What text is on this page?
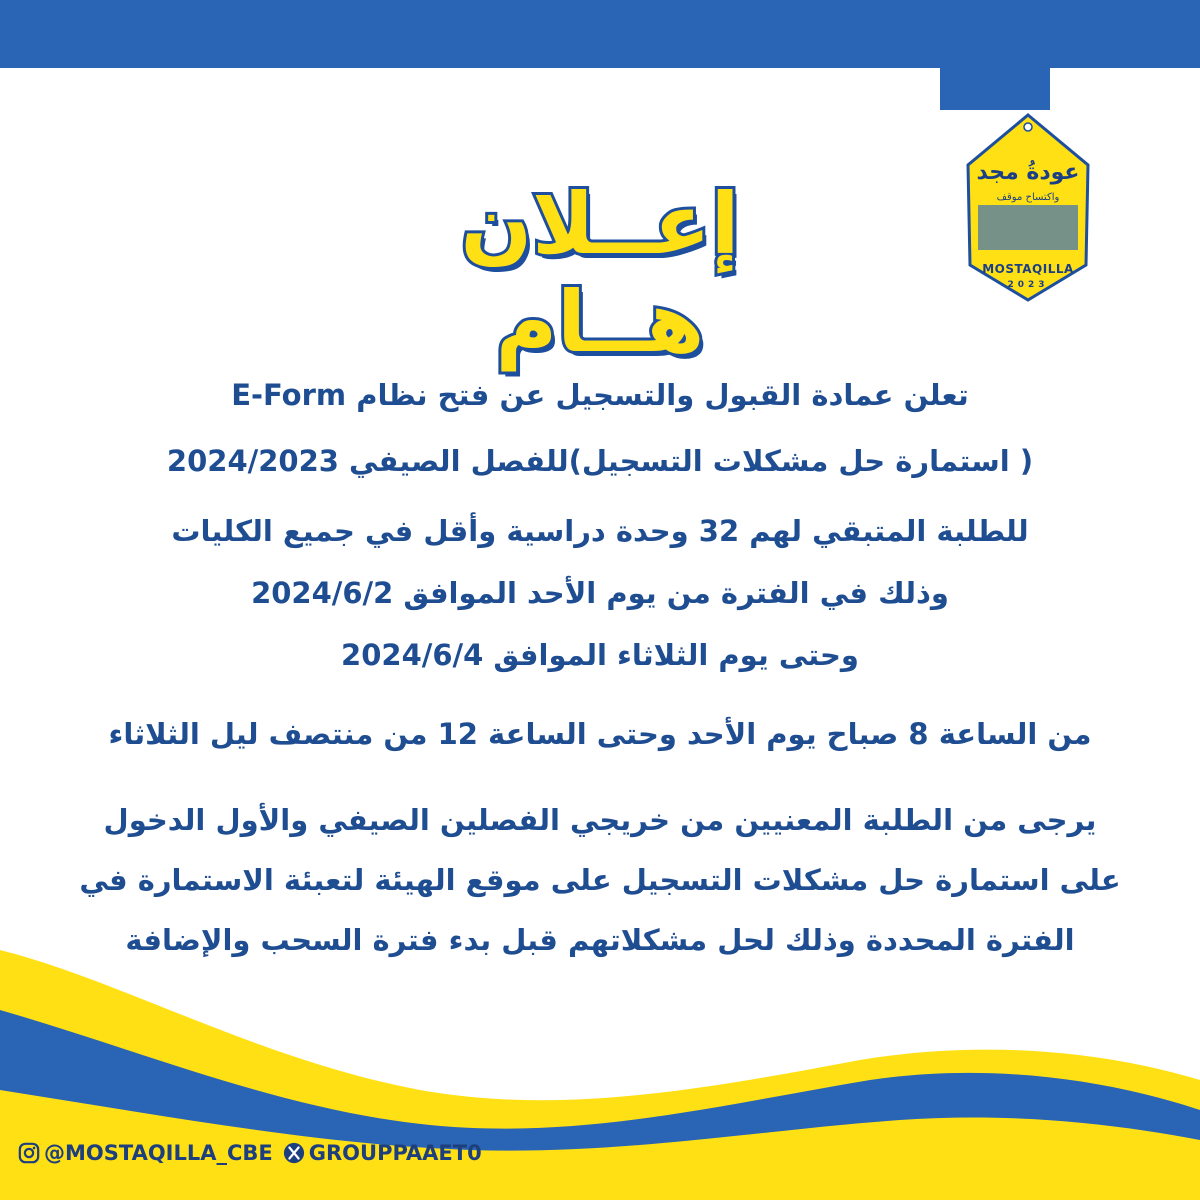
عودةُ مجد
واكتساح موقف
MOSTAQILLA
2023
إعــلان هــام

تعلن عمادة القبول والتسجيل عن فتح نظام E-Form

( استمارة حل مشكلات التسجيل)للفصل الصيفي 2024/2023

للطلبة المتبقي لهم 32 وحدة دراسية وأقل في جميع الكليات

وذلك في الفترة من يوم الأحد الموافق 2024/6/2

وحتى يوم الثلاثاء الموافق 2024/6/4

من الساعة 8 صباح يوم الأحد وحتى الساعة 12 من منتصف ليل الثلاثاء

يرجى من الطلبة المعنيين من خريجي الفصلين الصيفي والأول الدخول

على استمارة حل مشكلات التسجيل على موقع الهيئة لتعبئة الاستمارة في

الفترة المحددة وذلك لحل مشكلاتهم قبل بدء فترة السحب والإضافة

@MOSTAQILLA_CBE GROUPPAAET0
